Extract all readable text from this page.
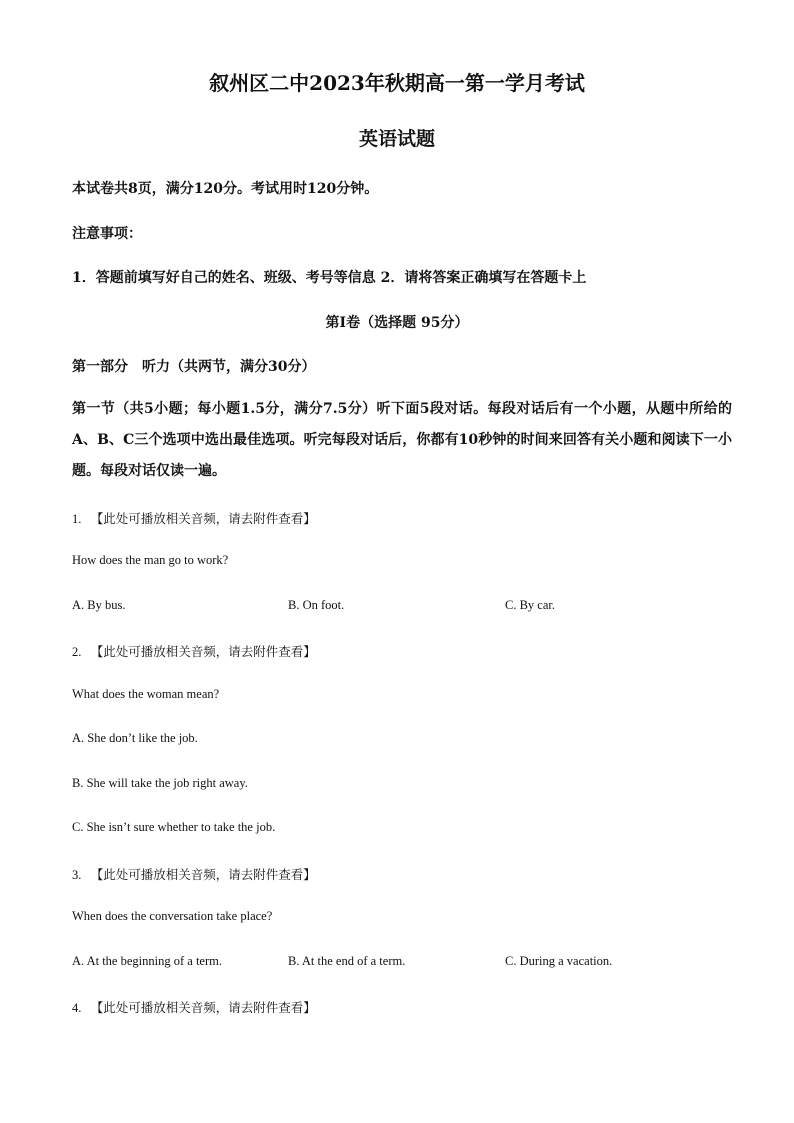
叙州区二中2023年秋期高一第一学月考试
英语试题
本试卷共8页，满分120分。考试用时120分钟。
注意事项：
1．答题前填写好自己的姓名、班级、考号等信息 2．请将答案正确填写在答题卡上
第I卷（选择题 95分）
第一部分　听力（共两节，满分30分）
第一节（共5小题；每小题1.5分，满分7.5分）听下面5段对话。每段对话后有一个小题，从题中所给的A、B、C三个选项中选出最佳选项。听完每段对话后，你都有10秒钟的时间来回答有关小题和阅读下一小题。每段对话仅读一遍。
1. 【此处可播放相关音频，请去附件查看】
How does the man go to work?
A. By bus.	B. On foot.	C. By car.
2. 【此处可播放相关音频，请去附件查看】
What does the woman mean?
A. She don’t like the job.
B. She will take the job right away.
C. She isn’t sure whether to take the job.
3. 【此处可播放相关音频，请去附件查看】
When does the conversation take place?
A. At the beginning of a term.	B. At the end of a term.	C. During a vacation.
4. 【此处可播放相关音频，请去附件查看】
